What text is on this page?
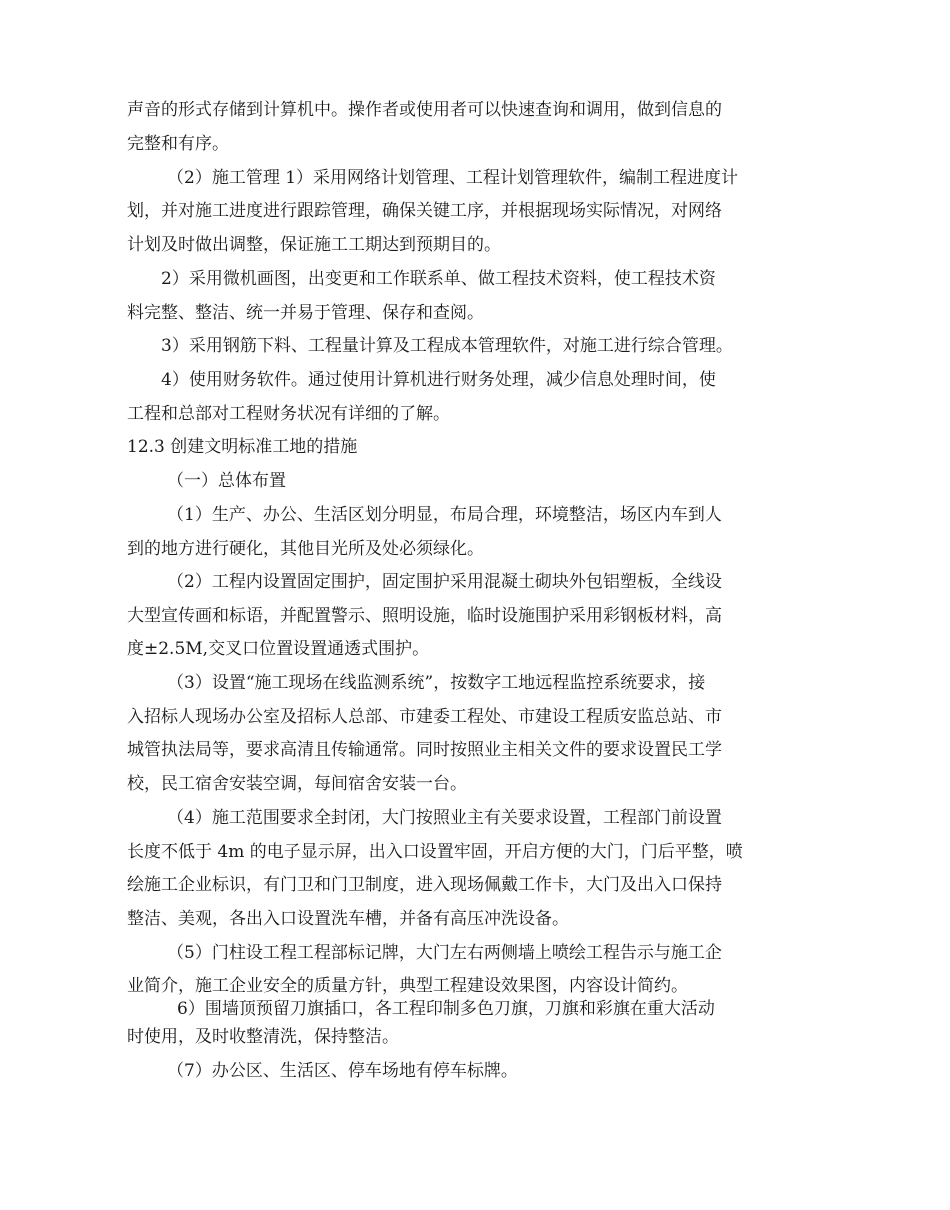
声音的形式存储到计算机中。操作者或使用者可以快速查询和调用，做到信息的
完整和有序。
（2）施工管理 1）采用网络计划管理、工程计划管理软件，编制工程进度计
划，并对施工进度进行跟踪管理，确保关键工序，并根据现场实际情况，对网络
计划及时做出调整，保证施工工期达到预期目的。
2）采用微机画图，出变更和工作联系单、做工程技术资料，使工程技术资
料完整、整洁、统一并易于管理、保存和查阅。
3）采用钢筋下料、工程量计算及工程成本管理软件，对施工进行综合管理。
4）使用财务软件。通过使用计算机进行财务处理，减少信息处理时间，使
工程和总部对工程财务状况有详细的了解。
12.3 创建文明标准工地的措施
（一）总体布置
（1）生产、办公、生活区划分明显，布局合理，环境整洁，场区内车到人
到的地方进行硬化，其他目光所及处必须绿化。
（2）工程内设置固定围护，固定围护采用混凝土砌块外包铝塑板，全线设
大型宣传画和标语，并配置警示、照明设施，临时设施围护采用彩钢板材料，高
度±2.5M,交叉口位置设置通透式围护。
（3）设置“施工现场在线监测系统”，按数字工地远程监控系统要求，接
入招标人现场办公室及招标人总部、市建委工程处、市建设工程质安监总站、市
城管执法局等，要求高清且传输通常。同时按照业主相关文件的要求设置民工学
校，民工宿舍安装空调，每间宿舍安装一台。
（4）施工范围要求全封闭，大门按照业主有关要求设置，工程部门前设置
长度不低于 4m 的电子显示屏，出入口设置牢固，开启方便的大门，门后平整，喷
绘施工企业标识，有门卫和门卫制度，进入现场佩戴工作卡，大门及出入口保持
整洁、美观，各出入口设置洗车槽，并备有高压冲洗设备。
（5）门柱设工程工程部标记牌，大门左右两侧墙上喷绘工程告示与施工企
业简介，施工企业安全的质量方针，典型工程建设效果图，内容设计简约。
6）围墙顶预留刀旗插口，各工程印制多色刀旗，刀旗和彩旗在重大活动
时使用，及时收整清洗，保持整洁。
（7）办公区、生活区、停车场地有停车标牌。
